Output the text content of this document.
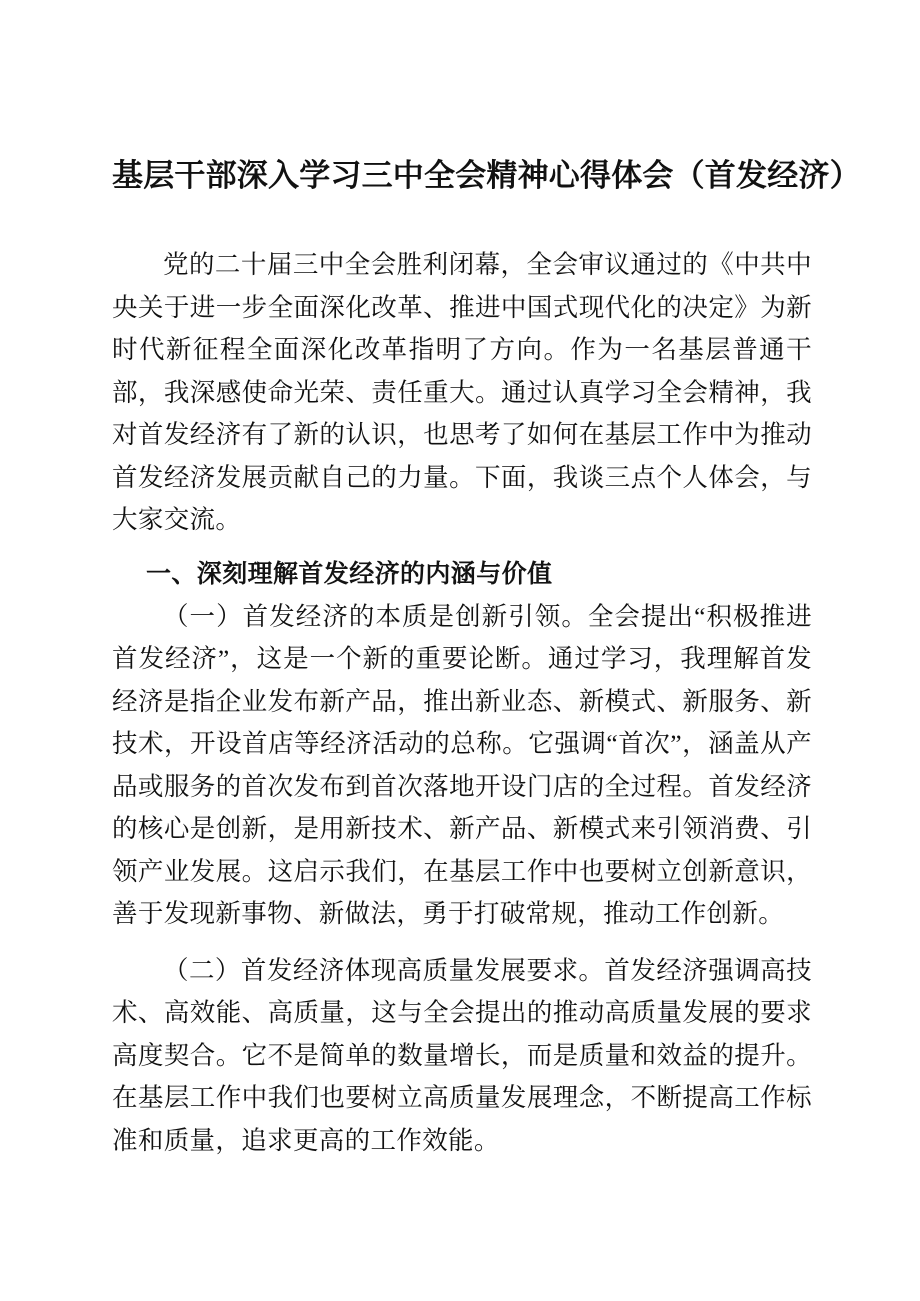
基层干部深入学习三中全会精神心得体会（首发经济）

党的二十届三中全会胜利闭幕，全会审议通过的《中共中央关于进一步全面深化改革、推进中国式现代化的决定》为新时代新征程全面深化改革指明了方向。作为一名基层普通干部，我深感使命光荣、责任重大。通过认真学习全会精神，我对首发经济有了新的认识，也思考了如何在基层工作中为推动首发经济发展贡献自己的力量。下面，我谈三点个人体会，与大家交流。

一、深刻理解首发经济的内涵与价值

（一）首发经济的本质是创新引领。全会提出“积极推进首发经济”，这是一个新的重要论断。通过学习，我理解首发经济是指企业发布新产品，推出新业态、新模式、新服务、新技术，开设首店等经济活动的总称。它强调“首次”，涵盖从产品或服务的首次发布到首次落地开设门店的全过程。首发经济的核心是创新，是用新技术、新产品、新模式来引领消费、引领产业发展。这启示我们，在基层工作中也要树立创新意识，善于发现新事物、新做法，勇于打破常规，推动工作创新。

（二）首发经济体现高质量发展要求。首发经济强调高技术、高效能、高质量，这与全会提出的推动高质量发展的要求高度契合。它不是简单的数量增长，而是质量和效益的提升。在基层工作中我们也要树立高质量发展理念，不断提高工作标准和质量，追求更高的工作效能。
